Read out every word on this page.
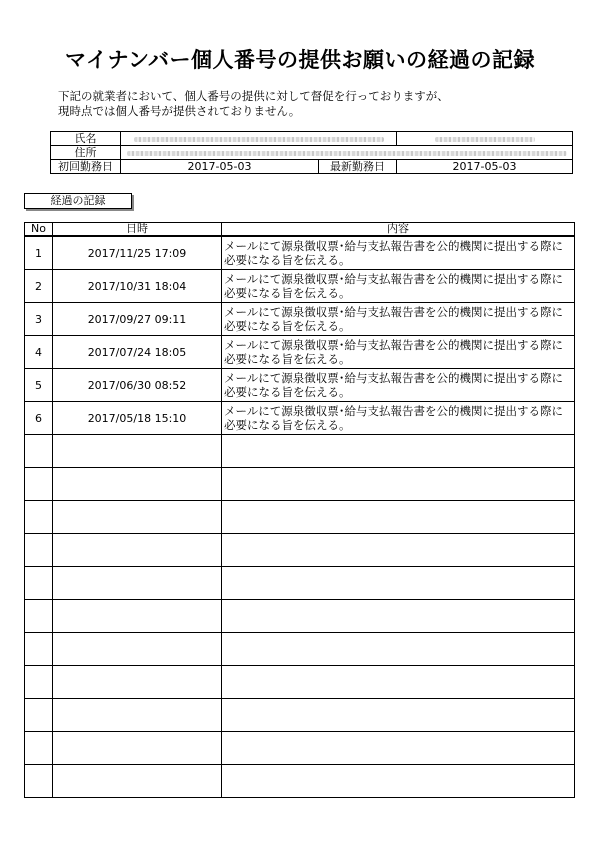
マイナンバー個人番号の提供お願いの経過の記録
下記の就業者において、個人番号の提供に対して督促を行っておりますが、
現時点では個人番号が提供されておりません。
氏名			
住所			
初回勤務日	2017-05-03	最新勤務日	2017-05-03
経過の記録
No	日時	内容
1	2017/11/25 17:09	メールにて源泉徴収票･給与支払報告書を公的機関に提出する際に必要になる旨を伝える。
2	2017/10/31 18:04	メールにて源泉徴収票･給与支払報告書を公的機関に提出する際に必要になる旨を伝える。
3	2017/09/27 09:11	メールにて源泉徴収票･給与支払報告書を公的機関に提出する際に必要になる旨を伝える。
4	2017/07/24 18:05	メールにて源泉徴収票･給与支払報告書を公的機関に提出する際に必要になる旨を伝える。
5	2017/06/30 08:52	メールにて源泉徴収票･給与支払報告書を公的機関に提出する際に必要になる旨を伝える。
6	2017/05/18 15:10	メールにて源泉徴収票･給与支払報告書を公的機関に提出する際に必要になる旨を伝える。
